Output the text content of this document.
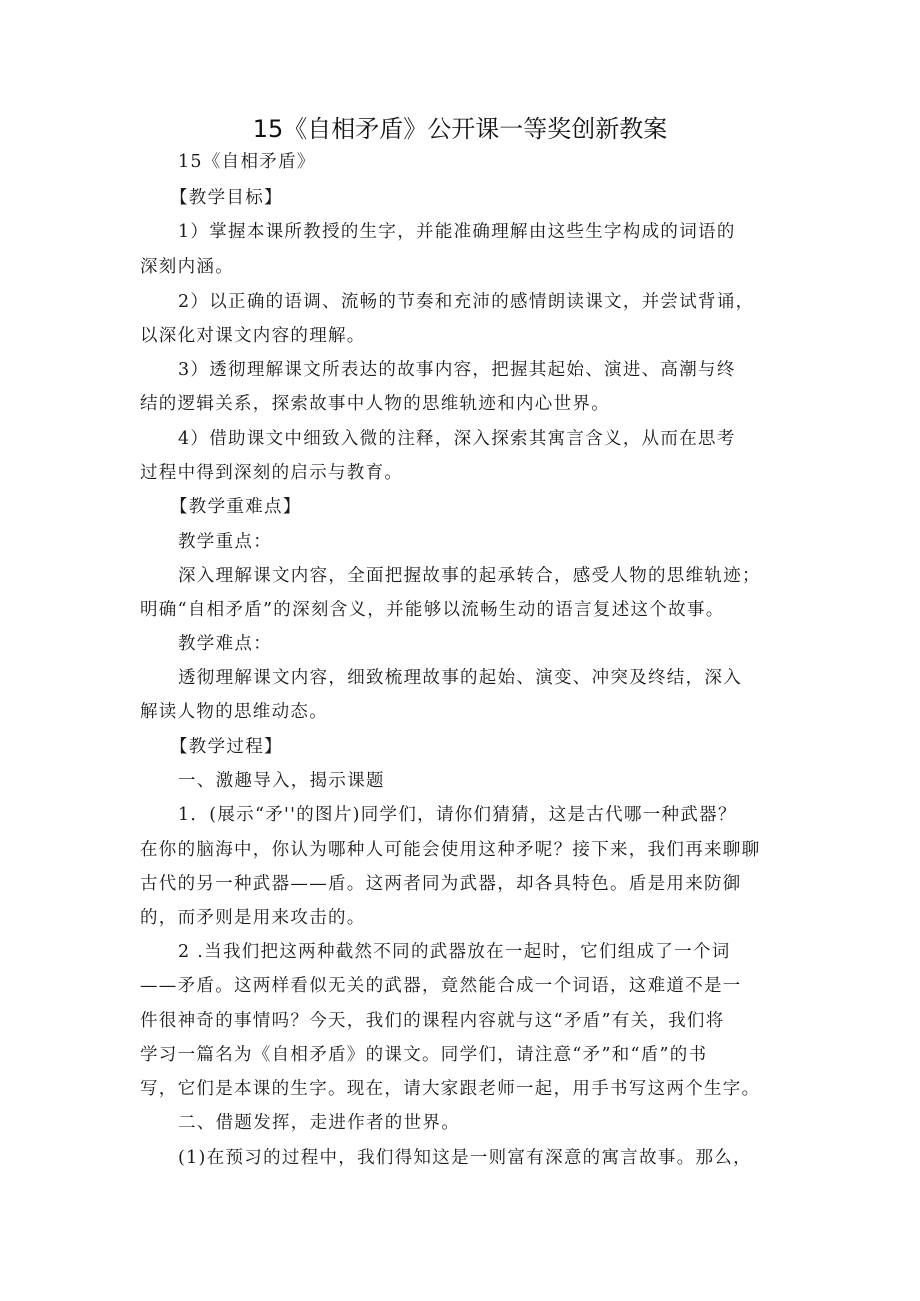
15《自相矛盾》公开课一等奖创新教案
15《自相矛盾》
【教学目标】
1）掌握本课所教授的生字，并能准确理解由这些生字构成的词语的
深刻内涵。
2）以正确的语调、流畅的节奏和充沛的感情朗读课文，并尝试背诵，
以深化对课文内容的理解。
3）透彻理解课文所表达的故事内容，把握其起始、演进、高潮与终
结的逻辑关系，探索故事中人物的思维轨迹和内心世界。
4）借助课文中细致入微的注释，深入探索其寓言含义，从而在思考
过程中得到深刻的启示与教育。
【教学重难点】
教学重点：
深入理解课文内容，全面把握故事的起承转合，感受人物的思维轨迹；
明确“自相矛盾”的深刻含义，并能够以流畅生动的语言复述这个故事。
教学难点：
透彻理解课文内容，细致梳理故事的起始、演变、冲突及终结，深入
解读人物的思维动态。
【教学过程】
一、激趣导入，揭示课题
1．(展示“矛''的图片)同学们，请你们猜猜，这是古代哪一种武器？
在你的脑海中，你认为哪种人可能会使用这种矛呢？接下来，我们再来聊聊
古代的另一种武器——盾。这两者同为武器，却各具特色。盾是用来防御
的，而矛则是用来攻击的。
2 .当我们把这两种截然不同的武器放在一起时，它们组成了一个词
——矛盾。这两样看似无关的武器，竟然能合成一个词语，这难道不是一
件很神奇的事情吗？今天，我们的课程内容就与这“矛盾”有关，我们将
学习一篇名为《自相矛盾》的课文。同学们，请注意“矛”和“盾”的书
写，它们是本课的生字。现在，请大家跟老师一起，用手书写这两个生字。
二、借题发挥，走进作者的世界。
(1)在预习的过程中，我们得知这是一则富有深意的寓言故事。那么，
